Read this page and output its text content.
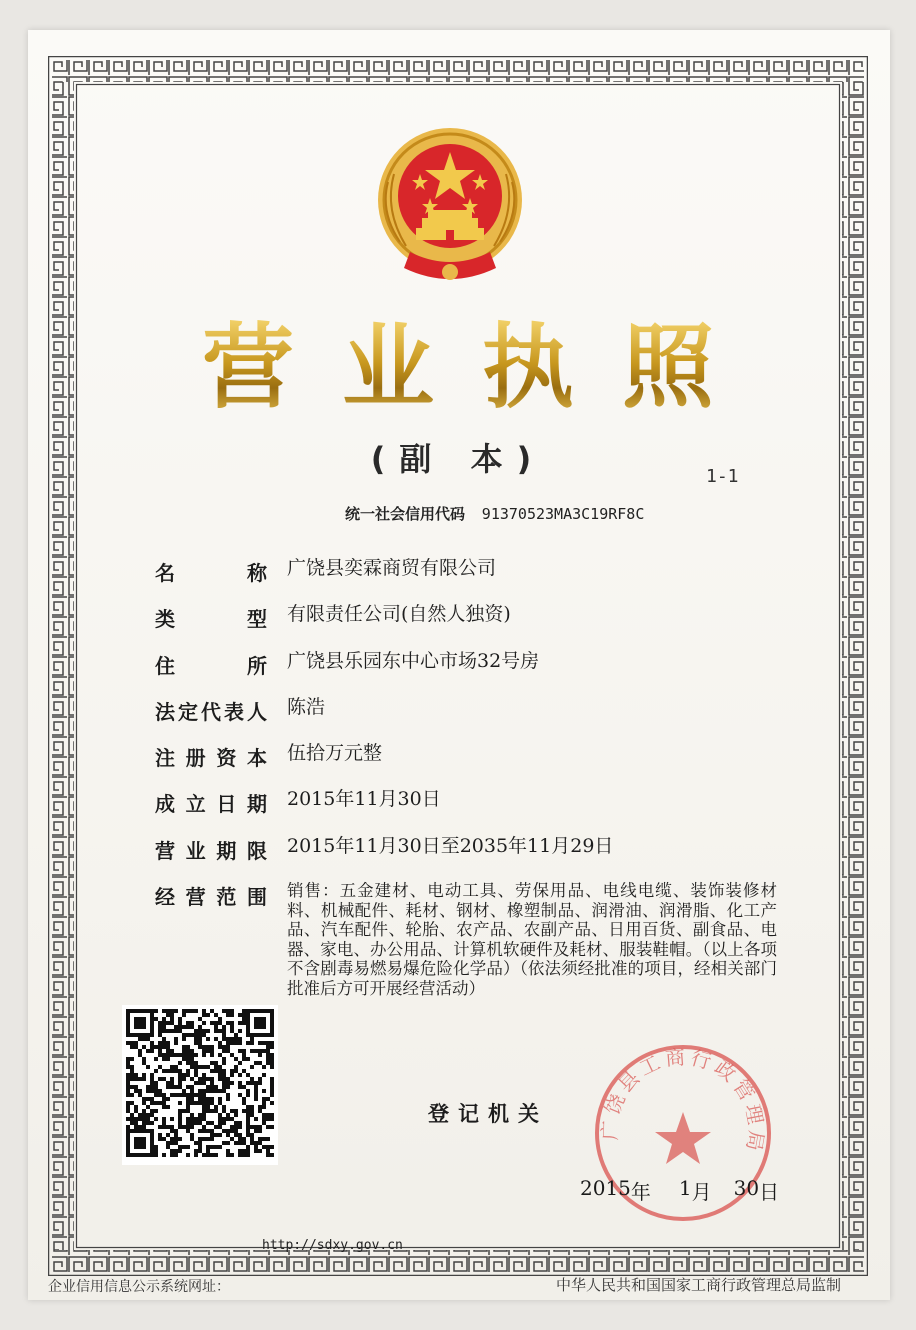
营业执照
(副 本)	1-1
统一社会信用代码 91370523MA3C19RF8C
名	称 广饶县奕霖商贸有限公司
类	型 有限责任公司(自然人独资)
住	所 广饶县乐园东中心市场32号房
法 定 代 表 人 陈浩
注 册 资 本 伍拾万元整
成 立 日 期 2015年11月30日
营 业 期 限 2015年11月30日至2035年11月29日
经 营 范 围 销售：五金建材、电动工具、劳保用品、电线电缆、装饰装修材料、机械配件、耗材、钢材、橡塑制品、润滑油、润滑脂、化工产品、汽车配件、轮胎、农产品、农副产品、日用百货、副食品、电器、家电、办公用品、计算机软硬件及耗材、服装鞋帽。（以上各项不含剧毒易燃易爆危险化学品）（依法须经批准的项目，经相关部门批准后方可开展经营活动）
登记机关
广饶县工商行政管理局
2015 年 1 月 30 日
http://sdxy.gov.cn
企业信用信息公示系统网址：	中华人民共和国国家工商行政管理总局监制
